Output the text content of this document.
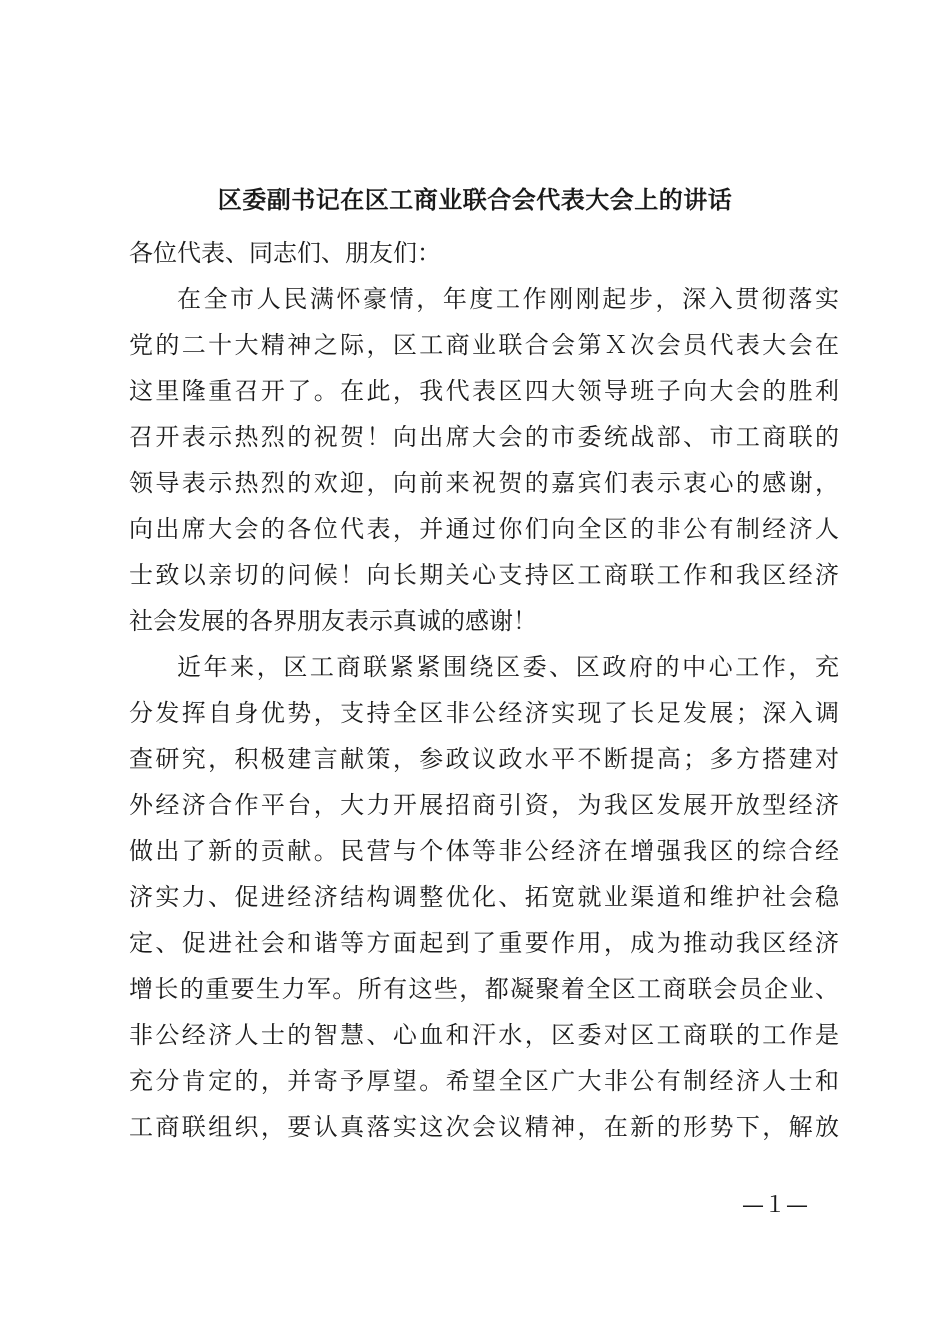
区委副书记在区工商业联合会代表大会上的讲话
各位代表、同志们、朋友们：
在全市人民满怀豪情，年度工作刚刚起步，深入贯彻落实
党的二十大精神之际，区工商业联合会第Ｘ次会员代表大会在
这里隆重召开了。在此，我代表区四大领导班子向大会的胜利
召开表示热烈的祝贺！向出席大会的市委统战部、市工商联的
领导表示热烈的欢迎，向前来祝贺的嘉宾们表示衷心的感谢，
向出席大会的各位代表，并通过你们向全区的非公有制经济人
士致以亲切的问候！向长期关心支持区工商联工作和我区经济
社会发展的各界朋友表示真诚的感谢！
近年来，区工商联紧紧围绕区委、区政府的中心工作，充
分发挥自身优势，支持全区非公经济实现了长足发展；深入调
查研究，积极建言献策，参政议政水平不断提高；多方搭建对
外经济合作平台，大力开展招商引资，为我区发展开放型经济
做出了新的贡献。民营与个体等非公经济在增强我区的综合经
济实力、促进经济结构调整优化、拓宽就业渠道和维护社会稳
定、促进社会和谐等方面起到了重要作用，成为推动我区经济
增长的重要生力军。所有这些，都凝聚着全区工商联会员企业、
非公经济人士的智慧、心血和汗水，区委对区工商联的工作是
充分肯定的，并寄予厚望。希望全区广大非公有制经济人士和
工商联组织，要认真落实这次会议精神，在新的形势下，解放
—１—
